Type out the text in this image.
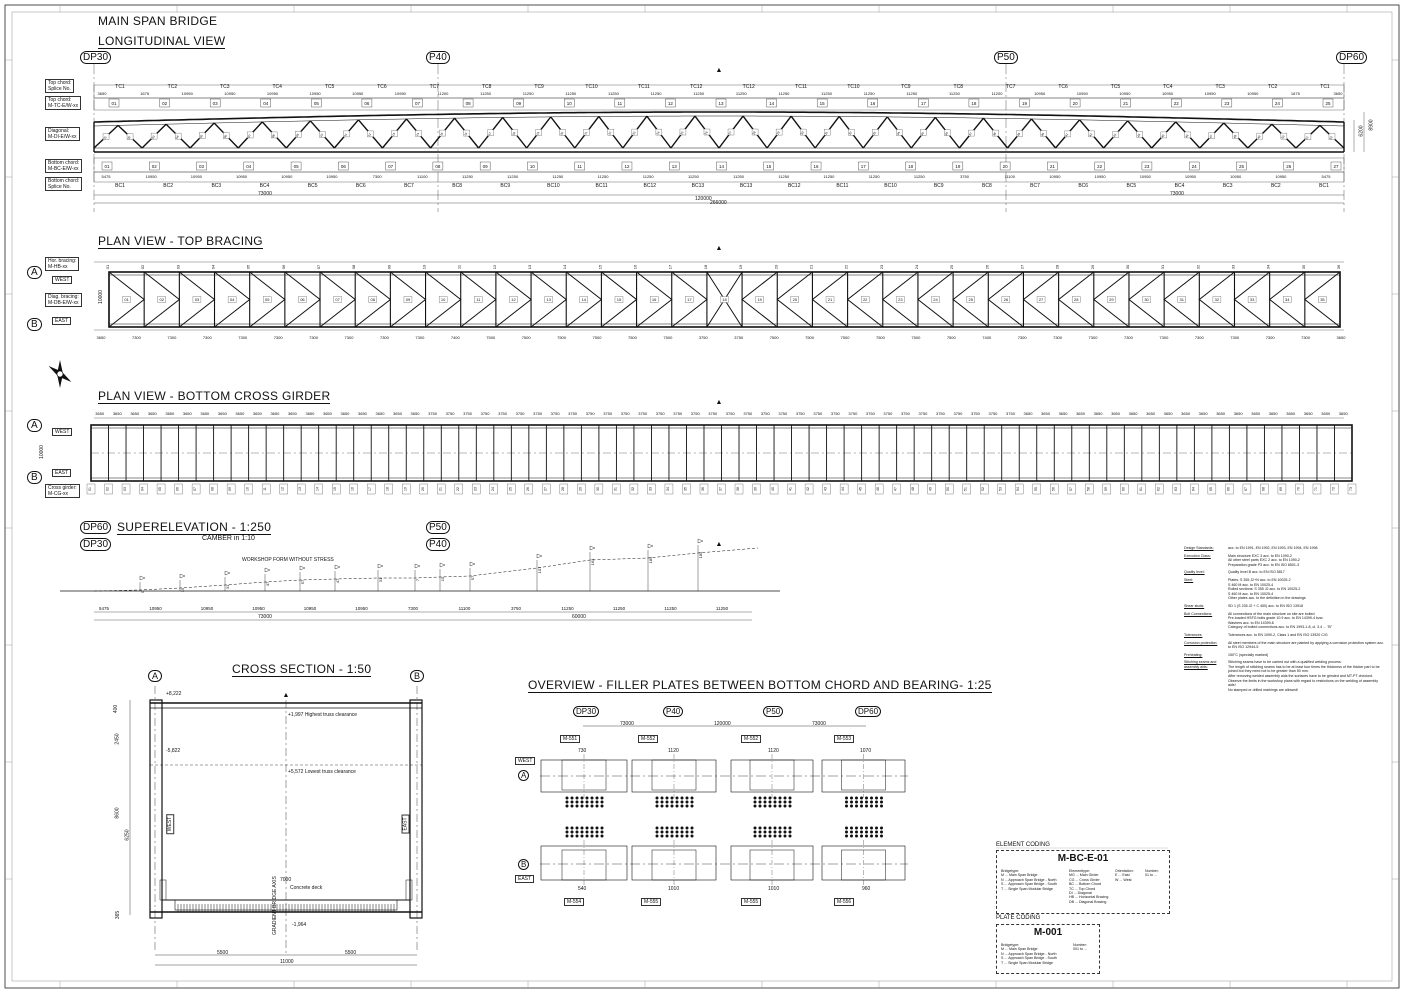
01	02	03	04	05	06	07	08	09	10	11	12	13	14	15	16	17	18	19	20	21	22	23	24	25	26	27	28	29	30	31	32	33	34	35	36	37	38	39	40	41	42	43	44	45	46	47	48	49	50	51	52
TC1	TC2	TC3	TC4	TC5	TC6	TC7	TC8	TC9	TC10	TC11	TC12	TC12	TC11	TC10	TC9	TC8	TC7	TC6	TC5	TC4	TC3	TC2	TC1
3650	1675	10950	10950	10950	10950	10950	10950	11200	11250	11250	11250	11250	11250	11250	11250	11250	11250	11250	11250	11250	11200	10950	10950	10950	10950	10950	10950	1675	3650
01	02	03	04	05	06	07	08	09	10	11	12	13	14	15	16	17	18	19	20	21	22	23	24	25
01	02	03	04	05	06	07	08	09	10	11	12	13	14	15	16	17	18	19	20	21	22	23	24	25	26	27
5475	10950	10950	10950	10950	10950	7300	11100	11250	11250	11250	11250	11250	11250	11250	11250	11250	11250	11250	3750	11100	10950	10950	10950	10950	10950	10950	5475
BC1	BC2	BC3	BC4	BC5	BC6	BC7	BC8	BC9	BC10	BC11	BC12	BC13	BC13	BC12	BC11	BC10	BC9	BC8	BC7	BC6	BC5	BC4	BC3	BC2	BC1
▲
01	02	03	04	05	06	07	08	09	10	11	12	13	14	15	16	17	18	19	20	21	22	23	24	25	26	27	28	29	30	31	32	33	34	35	36
01	02	03	04	05	06	07	08	09	10	11	12	13	14	15	16	17	18	19	20	21	22	23	24	25	26	27	28	29	30	31	32	33	34	35
3650	7300	7300	7300	7300	7300	7300	7300	7300	7300	7400	7500	7500	7500	7500	7500	7500	3750	3750	7500	7500	7500	7500	7500	7500	7400	7300	7300	7300	7300	7300	7300	7300	7300	7300	3650
▲
01	02	03	04	05	06	07	08	09	10	11	12	13	14	15	16	17	18	19	20	21	22	23	24	25	26	27	28	29	30	31	32	33	34	35	36	37	38	39	40	41	42	43	44	45	46	47	48	49	50	51	52	53	54	55	56	57	58	59	60	61	62	63	64	65	66	67	68	69	70	71	72	73
3650 3650 3650 3650 3650 3650 3650 3650 3650 3650 3650 3650 3650 3650 3650 3650 3650 3650 3650 3750 3750 3750 3750 3750 3750 3750 3750 3750 3750 3750 3750 3750 3750 3750 3750 3750 3750 3750 3750 3750 3750 3750 3750 3750 3750 3750 3750 3750 3750 3750 3750 3750 3750 3650 3650 3650 3650 3650 3650 3650 3650 3650 3650 3650 3650 3650 3650 3650 3650 3650 3650 3650
▲
0	15
31
47	57	47	31	7	15	57
107
163	185
185
5475	10950	10950	10950	10950	10950	7300	11100	3750	11250	11250	11250	11250
▲
▲
MAIN SPAN BRIDGE
LONGITUDINAL VIEW
PLAN VIEW - TOP BRACING
PLAN VIEW - BOTTOM CROSS GIRDER
SUPERELEVATION - 1:250
CAMBER in 1:10
WORKSHOP FORM WITHOUT STRESS
CROSS SECTION - 1:50
OVERVIEW - FILLER PLATES BETWEEN BOTTOM CHORD AND BEARING- 1:25
DP30	P40	P50	DP60
Top chord:
Splice No.
Top chord:
M-TC-E/W-xx
Diagonal:
M-DI-E/W-xx
Bottom chord:
M-BC-E/W-xx
Bottom chord:
Splice No.
120000
73000	73000
266000
6200
8900
A
B
Hor. bracing:
M-HB-xx
WEST
Diag. bracing:
M-DB-E/W-xx
EAST
10000
A
B
WEST
EAST
Cross girder:
M-CG-xx
10000
DP60
DP30
P50
P40
73000	60000
A	B
+8,222
+1,997 Highest truss clearance
-5,822
+5,572 Lowest truss clearance
-1,964
Concrete deck
7000
5500	5500
11000
GRADIENT BRIDGE AXIS
WEST	EAST
400
2450
8600
6250
365
DP30	P40	P50	DP60
73000	120000	73000
WEST
EAST
A
B
M-551	M-552	M-552	M-553
M-554	M-555	M-555	M-556
730	1120	1120	1070
540	1010	1010	960
Design Standards:	acc. to EN 1991, EN 1992, EN 1993, EN 1994, EN 1998
Execution Class:	Main structure EXC 3 acc. to EN 1090-2
All other steel parts EXC 2 acc. to EN 1090-2
Preparation grade P3 acc. to EN ISO 8501-3
Quality level:	Quality level B acc. to EN ISO 5817
Steel:	Plates: S 355 J2+N acc. to EN 10025-2
S 460 M acc. to EN 10025-4
Rolled sections: S 355 J2 acc. to EN 10025-2
S 460 M acc. to EN 10025-4
Other plates acc. to the definition in the drawings
Shear studs:	SD 1 (S 235 J2 + C 450) acc. to EN ISO 13918
Bolt Connections:	All connections of the main structure on site are bolted
Pre-loaded HSFG bolts grade 10.9 acc. to EN 14399-4 bzw.
Washers acc. to EN 14399-6
Category of bolted connections acc. to EN 1993-1-8, cl. 3.4 ... "B"
Tolerances:	Tolerances acc. to EN 1090-2, Class 1 and EN ISO 13920 C/G
Corrosion protection:	All steel members of the main structure are painted by applying a corrosion protection system acc. to EN ISO 12944-5
Preheating:	150°C (specially marked)
Stitching seams and assembly aids:
Stitching seams have to be carried out with a qualified welding process.
The length of stitching seams has to be at least four times the thickness of the thicker part to be joined but they need not to be greater than 50 mm.
After removing welded assembly aids the surfaces have to be grinded and MT-PT checked.
Observe the limits in the workshop plans with regard to restrictions on the welding of assembly aids!
No stamped or drilled markings are allowed!
ELEMENT CODING
M-BC-E-01
Bridgetype:
M ... Main Span Bridge
N ... Approach Span Bridge - North
S ... Approach Span Bridge - South
T ... Single Span Modular Bridge
Elementtype:
MG ... Main Girder
CG ... Cross Girder
BC ... Bottom Chord
TC ... Top Chord
DI ... Diagonal
HB ... Horizontal Bracing
DB ... Diagonal Bracing
Orientation:
E ... East
W ... West
Number:
01 to ...
PLATE CODING
M-001
Bridgetype:
M ... Main Span Bridge
N ... Approach Span Bridge - North
S ... Approach Span Bridge - South
T ... Single Span Modular Bridge
Number:
001 to ...
